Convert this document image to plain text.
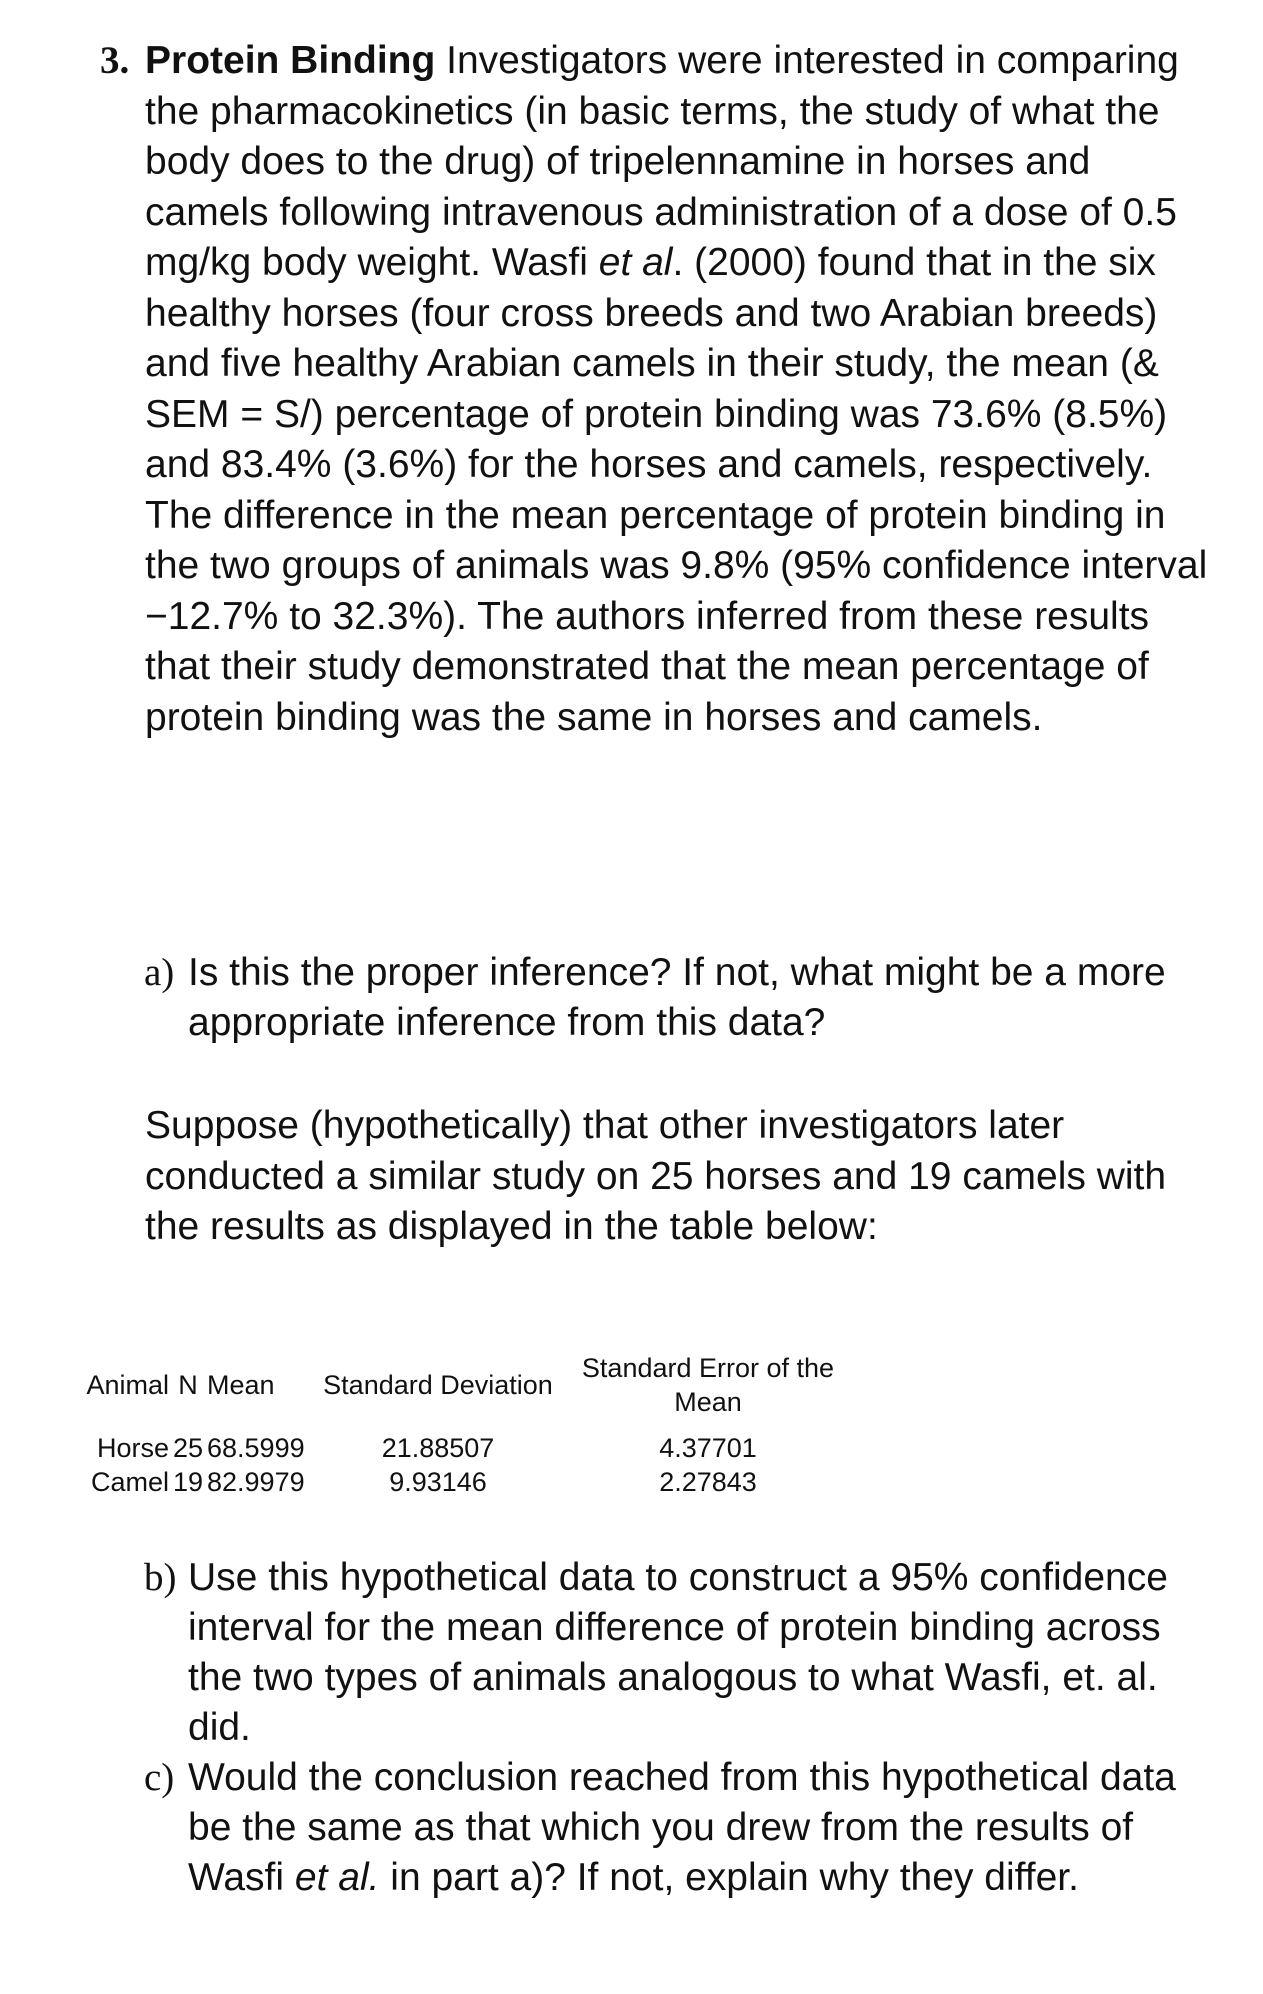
3. Protein Binding Investigators were interested in comparing the pharmacokinetics (in basic terms, the study of what the body does to the drug) of tripelennamine in horses and camels following intravenous administration of a dose of 0.5 mg/kg body weight. Wasfi et al. (2000) found that in the six healthy horses (four cross breeds and two Arabian breeds) and five healthy Arabian camels in their study, the mean (& SEM = S/) percentage of protein binding was 73.6% (8.5%) and 83.4% (3.6%) for the horses and camels, respectively. The difference in the mean percentage of protein binding in the two groups of animals was 9.8% (95% confidence interval −12.7% to 32.3%). The authors inferred from these results that their study demonstrated that the mean percentage of protein binding was the same in horses and camels.
a) Is this the proper inference? If not, what might be a more appropriate inference from this data?
Suppose (hypothetically) that other investigators later conducted a similar study on 25 horses and 19 camels with the results as displayed in the table below:
Animal	N	Mean	Standard Deviation	Standard Error of the Mean

Horse	25	68.5999	21.88507	4.37701
Camel	19	82.9979	9.93146	2.27843
b) Use this hypothetical data to construct a 95% confidence interval for the mean difference of protein binding across the two types of animals analogous to what Wasfi, et. al. did.
c) Would the conclusion reached from this hypothetical data be the same as that which you drew from the results of Wasfi et al. in part a)? If not, explain why they differ.
